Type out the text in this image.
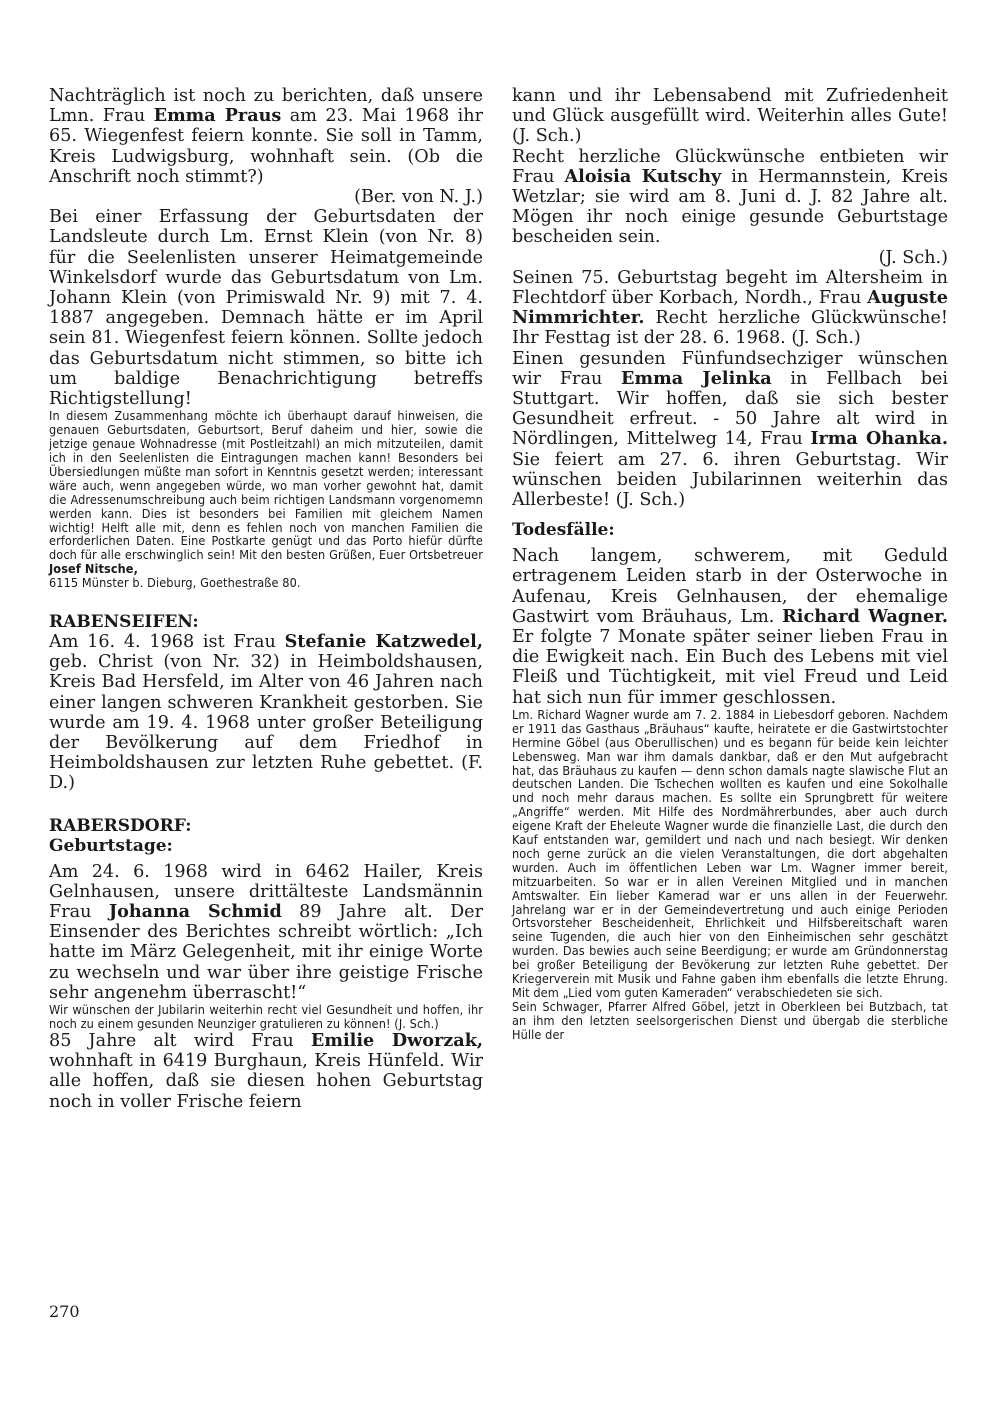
Nachträglich ist noch zu berichten, daß unsere Lmn. Frau Emma Praus am 23. Mai 1968 ihr 65. Wiegenfest feiern konnte. Sie soll in Tamm, Kreis Ludwigsburg, wohnhaft sein. (Ob die Anschrift noch stimmt?)

(Ber. von N. J.)

Bei einer Erfassung der Geburtsdaten der Landsleute durch Lm. Ernst Klein (von Nr. 8) für die Seelenlisten unserer Heimatgemeinde Winkelsdorf wurde das Geburtsdatum von Lm. Johann Klein (von Primiswald Nr. 9) mit 7. 4. 1887 angegeben. Demnach hätte er im April sein 81. Wiegenfest feiern können. Sollte jedoch das Geburtsdatum nicht stimmen, so bitte ich um baldige Benachrichtigung betreffs Richtigstellung!

In diesem Zusammenhang möchte ich überhaupt darauf hinweisen, die genauen Geburtsdaten, Geburtsort, Beruf daheim und hier, sowie die jetzige genaue Wohnadresse (mit Postleitzahl) an mich mitzuteilen, damit ich in den Seelenlisten die Eintragungen machen kann! Besonders bei Übersiedlungen müßte man sofort in Kenntnis gesetzt werden; interessant wäre auch, wenn angegeben würde, wo man vorher gewohnt hat, damit die Adressenumschreibung auch beim richtigen Landsmann vorgenomemn werden kann. Dies ist besonders bei Familien mit gleichem Namen wichtig! Helft alle mit, denn es fehlen noch von manchen Familien die erforderlichen Daten. Eine Postkarte genügt und das Porto hiefür dürfte doch für alle erschwinglich sein! Mit den besten Grüßen, Euer Ortsbetreuer Josef Nitsche,
6115 Münster b. Dieburg, Goethestraße 80.

RABENSEIFEN:

Am 16. 4. 1968 ist Frau Stefanie Katzwedel, geb. Christ (von Nr. 32) in Heimboldshausen, Kreis Bad Hersfeld, im Alter von 46 Jahren nach einer langen schweren Krankheit gestorben. Sie wurde am 19. 4. 1968 unter großer Beteiligung der Bevölkerung auf dem Friedhof in Heimboldshausen zur letzten Ruhe gebettet. (F. D.)

RABERSDORF:

Geburtstage:

Am 24. 6. 1968 wird in 6462 Hailer, Kreis Gelnhausen, unsere drittälteste Landsmännin Frau Johanna Schmid 89 Jahre alt. Der Einsender des Berichtes schreibt wörtlich: „Ich hatte im März Gelegenheit, mit ihr einige Worte zu wechseln und war über ihre geistige Frische sehr angenehm überrascht!“

Wir wünschen der Jubilarin weiterhin recht viel Gesundheit und hoffen, ihr noch zu einem gesunden Neunziger gratulieren zu können! (J. Sch.)

85 Jahre alt wird Frau Emilie Dworzak, wohnhaft in 6419 Burghaun, Kreis Hünfeld. Wir alle hoffen, daß sie diesen hohen Geburtstag noch in voller Frische feiern

kann und ihr Lebensabend mit Zufriedenheit und Glück ausgefüllt wird. Weiterhin alles Gute! (J. Sch.)

Recht herzliche Glückwünsche entbieten wir Frau Aloisia Kutschy in Hermannstein, Kreis Wetzlar; sie wird am 8. Juni d. J. 82 Jahre alt. Mögen ihr noch einige gesunde Geburtstage bescheiden sein.

(J. Sch.)

Seinen 75. Geburtstag begeht im Altersheim in Flechtdorf über Korbach, Nordh., Frau Auguste Nimmrichter. Recht herzliche Glückwünsche! Ihr Festtag ist der 28. 6. 1968. (J. Sch.)

Einen gesunden Fünfundsechziger wünschen wir Frau Emma Jelinka in Fellbach bei Stuttgart. Wir hoffen, daß sie sich bester Gesundheit erfreut. - 50 Jahre alt wird in Nördlingen, Mittelweg 14, Frau Irma Ohanka. Sie feiert am 27. 6. ihren Geburtstag. Wir wünschen beiden Jubilarinnen weiterhin das Allerbeste! (J. Sch.)

Todesfälle:

Nach langem, schwerem, mit Geduld ertragenem Leiden starb in der Osterwoche in Aufenau, Kreis Gelnhausen, der ehemalige Gastwirt vom Bräuhaus, Lm. Richard Wagner. Er folgte 7 Monate später seiner lieben Frau in die Ewigkeit nach. Ein Buch des Lebens mit viel Fleiß und Tüchtigkeit, mit viel Freud und Leid hat sich nun für immer geschlossen.

Lm. Richard Wagner wurde am 7. 2. 1884 in Liebesdorf geboren. Nachdem er 1911 das Gasthaus „Bräuhaus“ kaufte, heiratete er die Gastwirtstochter Hermine Göbel (aus Oberullischen) und es begann für beide kein leichter Lebensweg. Man war ihm damals dankbar, daß er den Mut aufgebracht hat, das Bräuhaus zu kaufen — denn schon damals nagte slawische Flut an deutschen Landen. Die Tschechen wollten es kaufen und eine Sokolhalle und noch mehr daraus machen. Es sollte ein Sprungbrett für weitere „Angriffe“ werden. Mit Hilfe des Nordmährerbundes, aber auch durch eigene Kraft der Eheleute Wagner wurde die finanzielle Last, die durch den Kauf entstanden war, gemildert und nach und nach besiegt. Wir denken noch gerne zurück an die vielen Veranstaltungen, die dort abgehalten wurden. Auch im öffentlichen Leben war Lm. Wagner immer bereit, mitzuarbeiten. So war er in allen Vereinen Mitglied und in manchen Amtswalter. Ein lieber Kamerad war er uns allen in der Feuerwehr. Jahrelang war er in der Gemeindevertretung und auch einige Perioden Ortsvorsteher Bescheidenheit, Ehrlichkeit und Hilfsbereitschaft waren seine Tugenden, die auch hier von den Einheimischen sehr geschätzt wurden. Das bewies auch seine Beerdigung; er wurde am Gründonnerstag bei großer Beteiligung der Bevökerung zur letzten Ruhe gebettet. Der Kriegerverein mit Musik und Fahne gaben ihm ebenfalls die letzte Ehrung. Mit dem „Lied vom guten Kameraden“ verabschiedeten sie sich.

Sein Schwager, Pfarrer Alfred Göbel, jetzt in Oberkleen bei Butzbach, tat an ihm den letzten seelsorgerischen Dienst und übergab die sterbliche Hülle der

270
